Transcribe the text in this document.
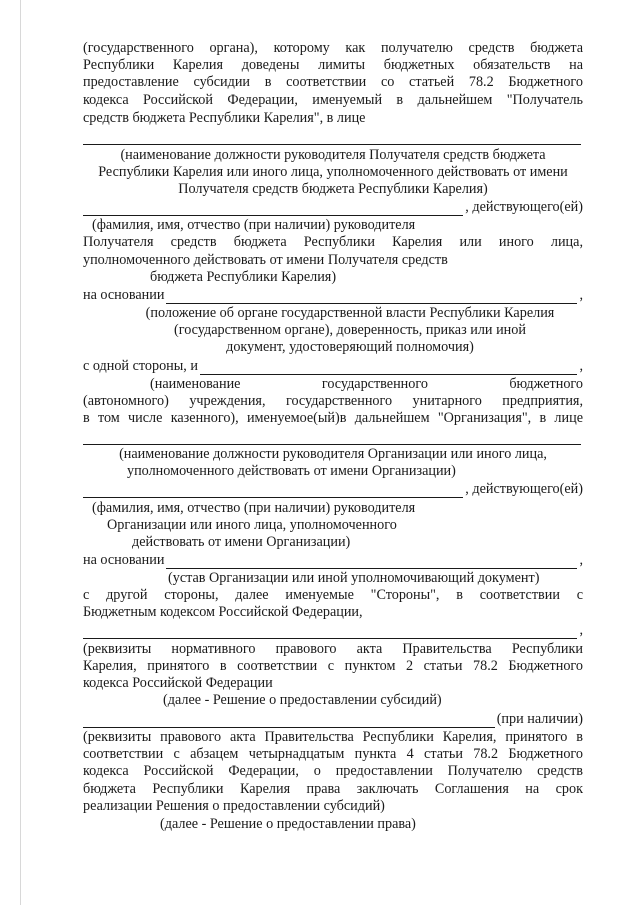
(государственного органа), которому как получателю средств бюджета
Республики Карелия доведены лимиты бюджетных обязательств на
предоставление субсидии в соответствии со статьей 78.2 Бюджетного
кодекса Российской Федерации, именуемый в дальнейшем "Получатель
средств бюджета Республики Карелия", в лице
(наименование должности руководителя Получателя средств бюджета
Республики Карелия или иного лица, уполномоченного действовать от имени
Получателя средств бюджета Республики Карелия)
, действующего(ей)
(фамилия, имя, отчество (при наличии) руководителя
Получателя средств бюджета Республики Карелия или иного лица,
уполномоченного действовать от имени Получателя средств
бюджета Республики Карелия)
на основании	,
(положение об органе государственной власти Республики Карелия
(государственном органе), доверенность, приказ или иной
документ, удостоверяющий полномочия)
с одной стороны, и	,
(наименование государственного бюджетного
(автономного) учреждения, государственного унитарного предприятия,
в том числе казенного), именуемое(ый)в дальнейшем "Организация", в лице
(наименование должности руководителя Организации или иного лица,
уполномоченного действовать от имени Организации)
, действующего(ей)
(фамилия, имя, отчество (при наличии) руководителя
Организации или иного лица, уполномоченного
действовать от имени Организации)
на основании	,
(устав Организации или иной уполномочивающий документ)
с другой стороны, далее именуемые "Стороны", в соответствии с
Бюджетным кодексом Российской Федерации,
,
(реквизиты нормативного правового акта Правительства Республики
Карелия, принятого в соответствии с пунктом 2 статьи 78.2 Бюджетного
кодекса Российской Федерации
(далее - Решение о предоставлении субсидий)
(при наличии)
(реквизиты правового акта Правительства Республики Карелия, принятого в
соответствии с абзацем четырнадцатым пункта 4 статьи 78.2 Бюджетного
кодекса Российской Федерации, о предоставлении Получателю средств
бюджета Республики Карелия права заключать Соглашения на срок
реализации Решения о предоставлении субсидий)
(далее - Решение о предоставлении права)
